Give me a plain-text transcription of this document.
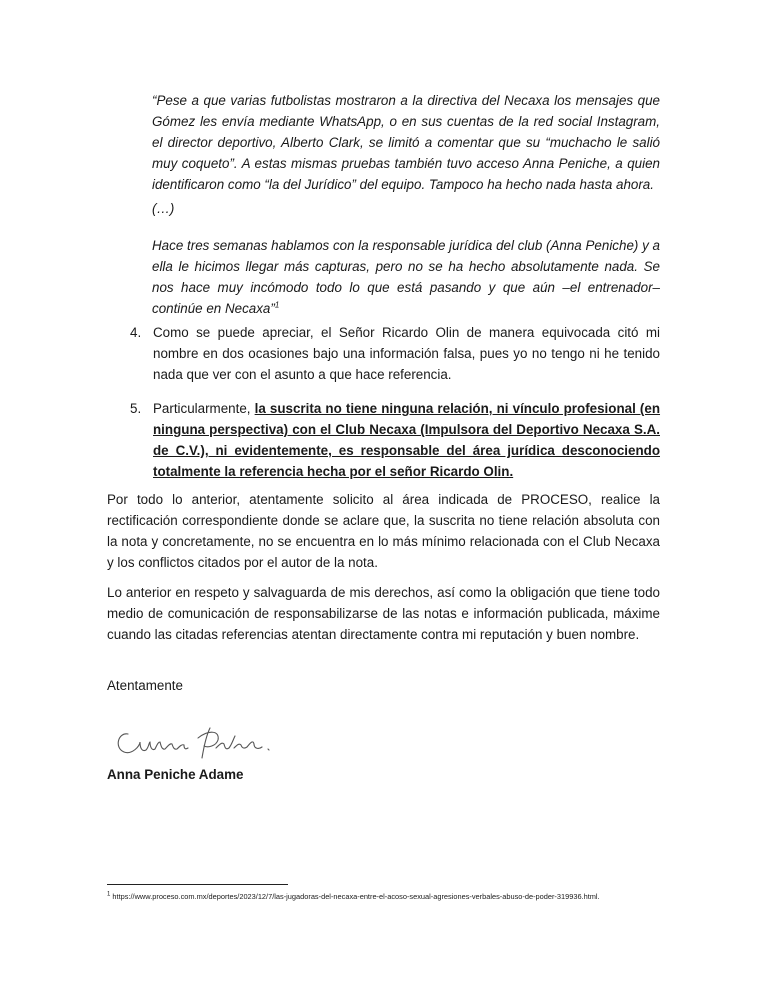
“Pese a que varias futbolistas mostraron a la directiva del Necaxa los mensajes que Gómez les envía mediante WhatsApp, o en sus cuentas de la red social Instagram, el director deportivo, Alberto Clark, se limitó a comentar que su “muchacho le salió muy coqueto”. A estas mismas pruebas también tuvo acceso Anna Peniche, a quien identificaron como “la del Jurídico” del equipo. Tampoco ha hecho nada hasta ahora.

(…)

Hace tres semanas hablamos con la responsable jurídica del club (Anna Peniche) y a ella le hicimos llegar más capturas, pero no se ha hecho absolutamente nada. Se nos hace muy incómodo todo lo que está pasando y que aún –el entrenador– continúe en Necaxa”$^1$

4. Como se puede apreciar, el Señor Ricardo Olin de manera equivocada citó mi nombre en dos ocasiones bajo una información falsa, pues yo no tengo ni he tenido nada que ver con el asunto a que hace referencia.
5. Particularmente, la suscrita no tiene ninguna relación, ni vínculo profesional (en ninguna perspectiva) con el Club Necaxa (Impulsora del Deportivo Necaxa S.A. de C.V.), ni evidentemente, es responsable del área jurídica desconociendo totalmente la referencia hecha por el señor Ricardo Olin.

Por todo lo anterior, atentamente solicito al área indicada de PROCESO, realice la rectificación correspondiente donde se aclare que, la suscrita no tiene relación absoluta con la nota y concretamente, no se encuentra en lo más mínimo relacionada con el Club Necaxa y los conflictos citados por el autor de la nota.

Lo anterior en respeto y salvaguarda de mis derechos, así como la obligación que tiene todo medio de comunicación de responsabilizarse de las notas e información publicada, máxime cuando las citadas referencias atentan directamente contra mi reputación y buen nombre.

Atentamente
Anna Peniche Adame
$^1$ https://www.proceso.com.mx/deportes/2023/12/7/las-jugadoras-del-necaxa-entre-el-acoso-sexual-agresiones-verbales-abuso-de-poder-319936.html.
